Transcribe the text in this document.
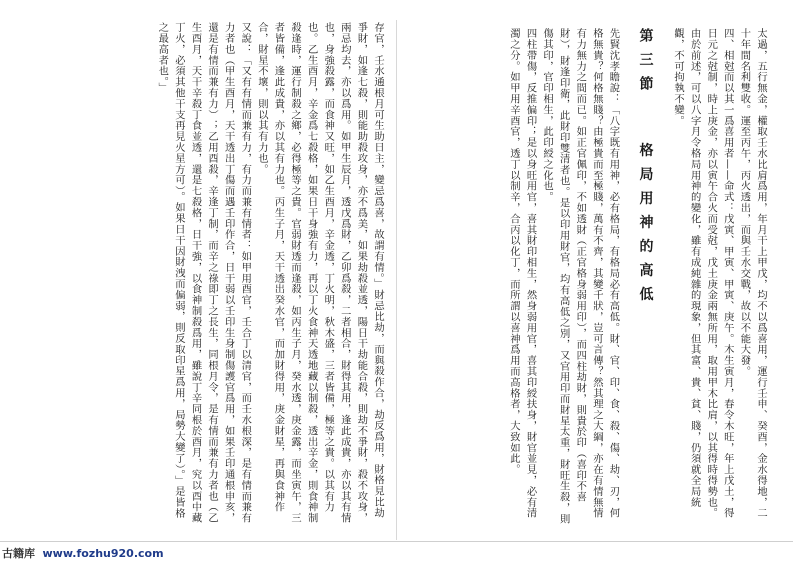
太過，五行無金，權取壬水比肩爲用，年月干上甲戊，均不以爲喜用，運行壬申、癸酉，金水得地，二十年間名利雙收。運至丙午，丙火透出，而與壬水交戰，故以不能大發。

四、相尅而以其一爲喜用者——命式：戊寅、甲寅、甲寅、庚午。木生寅月，春令木旺，年上戊土，得日元之尅制，時上庚金，亦以寅午合火而受尅，戊土庚金兩無所用，取用甲木比肩，以其得時得勢也。

由於前述，可以八字月令格局用神的變化，雖有成純雜的現象，但其富、貴、貧、賤，仍須就全局統觀，不可拘執不變。

第三節 格局用神的高低

先賢沈孝瞻說：「八字既有用神，必有格局，有格局必有高低。財、官、印、食、殺、傷、劫、刃，何格無貴？何格無賤？由極貴而至極賤，萬有不齊，其變千狀，豈可言傳？然其理之大綱，亦在有情無情有力無力之間而已。如正官佩印，不如透財（正官格身弱用印），而四柱劫財，則貴於印（喜印不喜財），財逢印衛，此財印雙清者也。是以印用財官，均有高低之別，又官用印而財星太重，財旺生殺，則傷其印，官印相生，此印綬之化也。

四柱帶傷，反推偏印；是以身旺用官，喜其財印相生，然身弱用官，喜其印綬扶身，財官並見，必有清濁之分。如甲用辛酉官，透丁以制辛，合丙以化丁，而所謂以喜神爲用而高格者，大致如此。

存官，壬水通根月可生助日主，變忌爲喜，故謂有情。」財忌比劫，而與殺作合，劫反爲用，財格見比劫爭財，如逢七殺，則能助殺攻身，亦不爲美，如果劫殺並透，陽日干劫能合殺，則劫不爭財，殺不攻身，兩忌均去，亦以爲用。如甲生辰月，透戊爲財，乙卯爲殺，二者相合，財得其用，逢此成貴，亦以其有情也，身強殺露，而食神又旺，如乙生酉月，辛金透，丁火明，秋木盛，三者皆備，極等之貴。以其有力也。乙生酉月，辛金爲七殺格，如果日干身強有力，再以丁火食神天透地藏以制殺，透出辛金，則食神制殺逢時，運行制殺之鄉，必得極等之貴。官弱財透而逢殺，如丙生子月，癸水透，庚金露，而坐寅午，三者皆備，逢此成貴，亦以其有力也。丙生子月，天干透出癸水官，而加財得用，庚金財星，再與食神作合，財星不壞，則以其有力也。

又說：「又有有情而兼有力，有力而兼有情者：如甲用酉官，壬合丁以清官，而壬水根深，是有情而兼有力者也（甲生酉月，天干透出丁傷而遇壬印作合，日干弱以壬印生身制傷護官爲用，如果壬印通根申亥，還是有情而兼有力）；乙用酉殺，辛逢丁制，而辛之祿即丁之長生，同根月令，是有情而兼有力者也（乙生酉月，天干辛殺丁食並透，還是七殺格，日干強，以食神制殺爲用，雖說丁辛同根於酉月，究以酉中藏丁火，必須其他干支再見火星方可）。如果日干因財洩而偏弱，則反取印星爲用，局勢大變了）。」是皆格之最高者也。」

古籍库 www.fozhu920.com
